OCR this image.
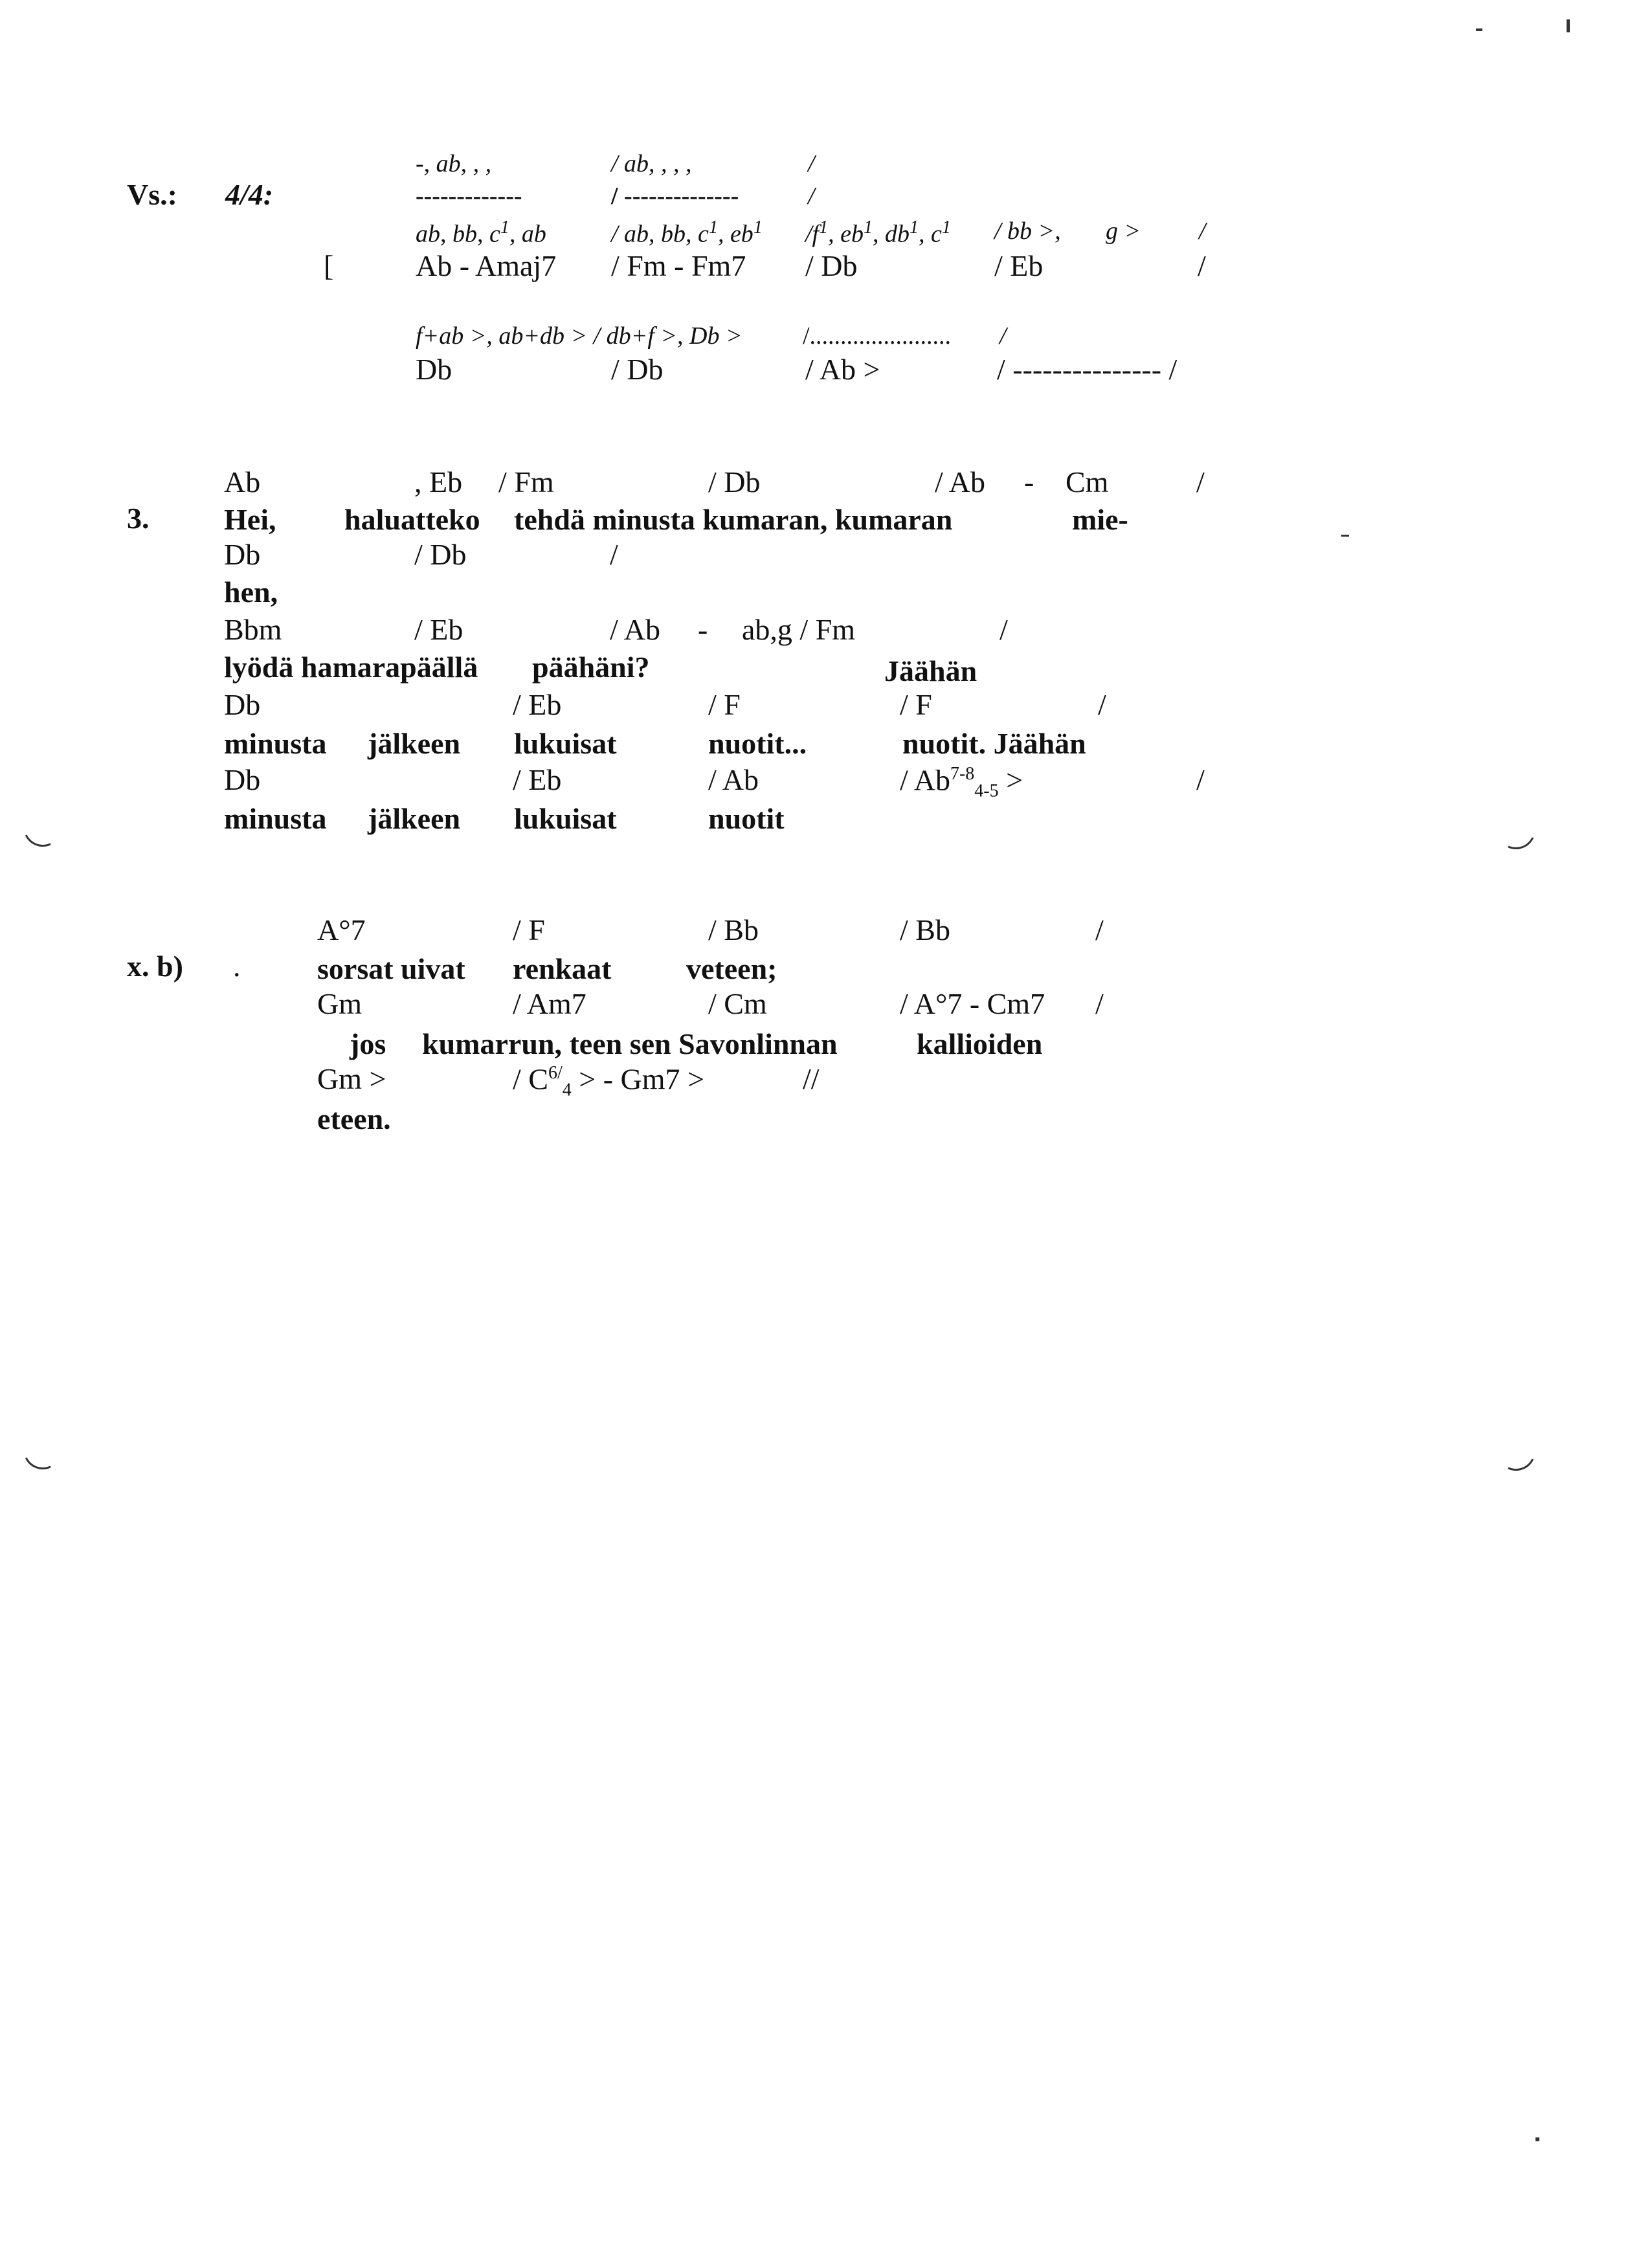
Vs.: 4/4:
-, ab, , ,	/ ab, , , ,	/
-------------	/ --------------	/
ab, bb, $c^1$, ab	/ ab, bb, $c^1$, $eb^1$ $/f^1$, $eb^1$, $db^1$, $c^1$ / bb >, g > /
[	Ab - Amaj7 / Fm - Fm7 / Db	/ Eb	/
f+ab >, ab+db > / db+f >, Db > /....................... /
Db	/ Db	/ Ab >	/ --------------- /
3.
Ab	, Eb / Fm	/ Db	/ Ab - Cm	/
Hei, haluatteko tehdä minusta kumaran, kumaran	mie-
Db	/ Db	/
hen,
Bbm	/ Eb	/ Ab - ab,g / Fm	/
lyödä hamarapäällä päähäni?	Jäähän
Db	/ Eb	/ F	/ F	/
minusta jälkeen lukuisat	nuotit...	nuotit. Jäähän
Db	/ Eb	/ Ab	/ $Ab^{7-8}_{4-5}$ >	/
minusta jälkeen lukuisat	nuotit
x. b) .
A°7	/ F	/ Bb	/ Bb	/
sorsat uivat renkaat	veteen;
Gm	/ Am7	/ Cm	/ A°7 - Cm7 /
jos kumarrun, teen sen Savonlinnan	kallioiden
Gm >	/ $C^{6/}_4$ > - Gm7 >	//
eteen.
